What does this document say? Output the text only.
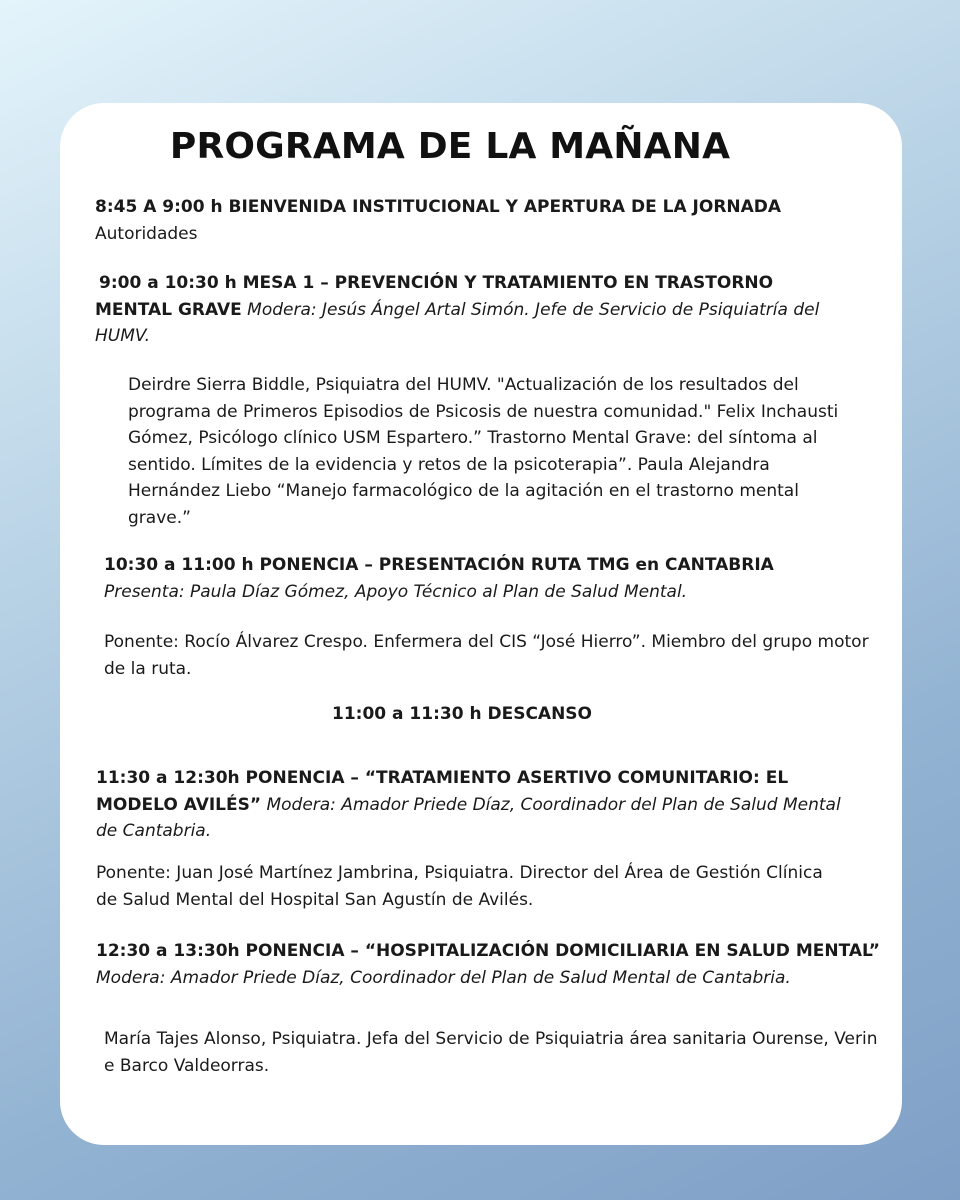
PROGRAMA DE LA MAÑANA
8:45 A 9:00 h BIENVENIDA INSTITUCIONAL Y APERTURA DE LA JORNADA
Autoridades
9:00 a 10:30 h MESA 1 – PREVENCIÓN Y TRATAMIENTO EN TRASTORNO MENTAL GRAVE Modera: Jesús Ángel Artal Simón. Jefe de Servicio de Psiquiatría del HUMV.
Deirdre Sierra Biddle, Psiquiatra del HUMV. "Actualización de los resultados del programa de Primeros Episodios de Psicosis de nuestra comunidad." Felix Inchausti Gómez, Psicólogo clínico USM Espartero.” Trastorno Mental Grave: del síntoma al sentido. Límites de la evidencia y retos de la psicoterapia”. Paula Alejandra Hernández Liebo “Manejo farmacológico de la agitación en el trastorno mental grave.”
10:30 a 11:00 h PONENCIA – PRESENTACIÓN RUTA TMG en CANTABRIA
Presenta: Paula Díaz Gómez, Apoyo Técnico al Plan de Salud Mental.
Ponente: Rocío Álvarez Crespo. Enfermera del CIS “José Hierro”. Miembro del grupo motor de la ruta.
11:00 a 11:30 h DESCANSO
11:30 a 12:30h PONENCIA – “TRATAMIENTO ASERTIVO COMUNITARIO: EL MODELO AVILÉS” Modera: Amador Priede Díaz, Coordinador del Plan de Salud Mental de Cantabria.
Ponente: Juan José Martínez Jambrina, Psiquiatra. Director del Área de Gestión Clínica de Salud Mental del Hospital San Agustín de Avilés.
12:30 a 13:30h PONENCIA – “HOSPITALIZACIÓN DOMICILIARIA EN SALUD MENTAL”
Modera: Amador Priede Díaz, Coordinador del Plan de Salud Mental de Cantabria.
María Tajes Alonso, Psiquiatra. Jefa del Servicio de Psiquiatria área sanitaria Ourense, Verin e Barco Valdeorras.
